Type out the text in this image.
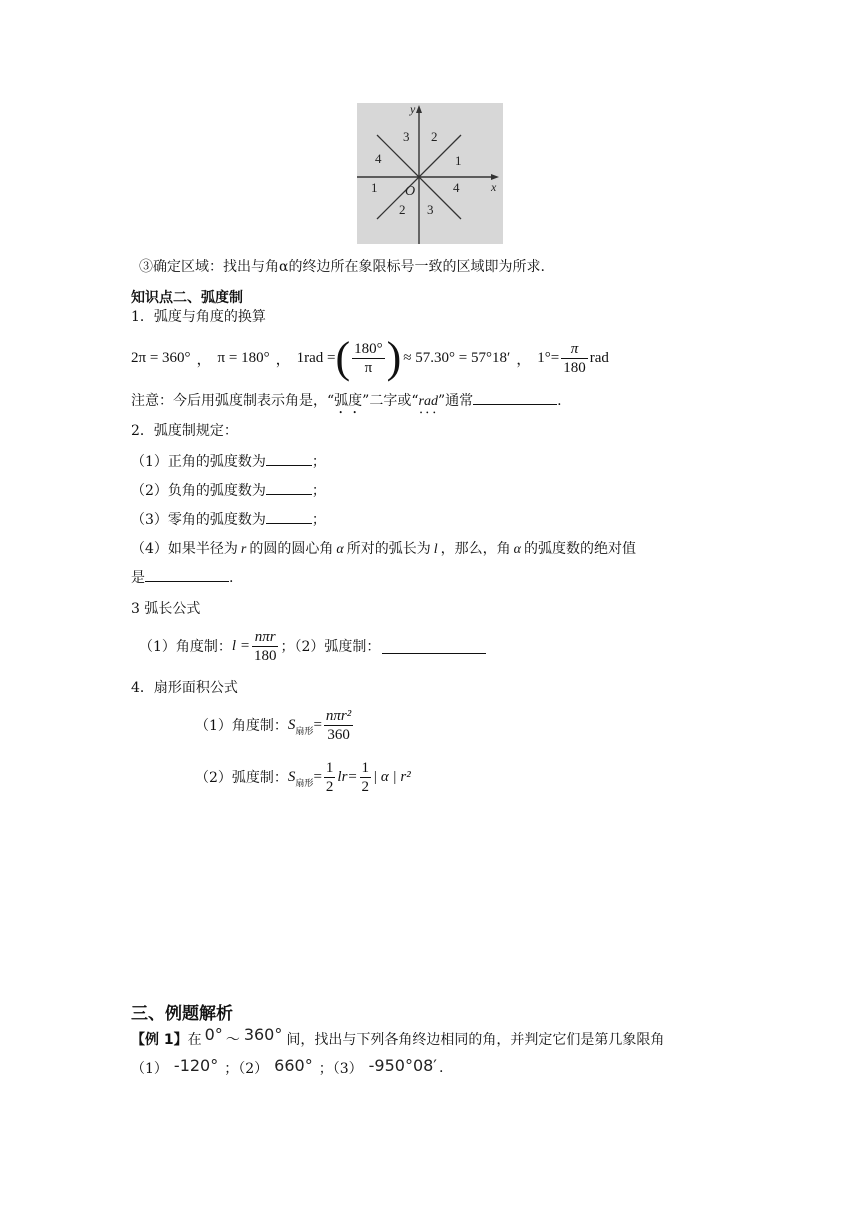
y
x
O
3 2
4	1
1	4
2 3
③确定区域：找出与角α的终边所在象限标号一致的区域即为所求.
知识点二、弧度制
1．弧度与角度的换算
2π = 360° ， π = 180° ， 1rad = ( $\frac{180^\circ}{\pi}$ ) ≈ 57.30° = 57°18′ ， $1^\circ= \frac{\pi}{180}$ rad
注意：今后用弧度制表示角是，“弧度”二字或“rad”通常	.
2．弧度制规定：
（1）正角的弧度数为	；
（2）负角的弧度数为	；
（3）零角的弧度数为	；
（4）如果半径为 r 的圆的圆心角 α 所对的弧长为 l ，那么，角 α 的弧度数的绝对值
是	.
3 弧长公式
（1）角度制： $l = \frac{\text{nπr}}{180}$ ；（2）弧度制：
4．扇形面积公式
（1）角度制： S 扇形 = $\frac{\text{nπr²}}{360}$
（2）弧度制： S 扇形 = $\frac{1}{2} lr= \frac{1}{2}$ | α | r²
三、例题解析
【例 1】 在 0° ～ 360° 间，找出与下列各角终边相同的角，并判定它们是第几象限角
（1） -120° ；（2） 660° ；（3） -950°08′ .
